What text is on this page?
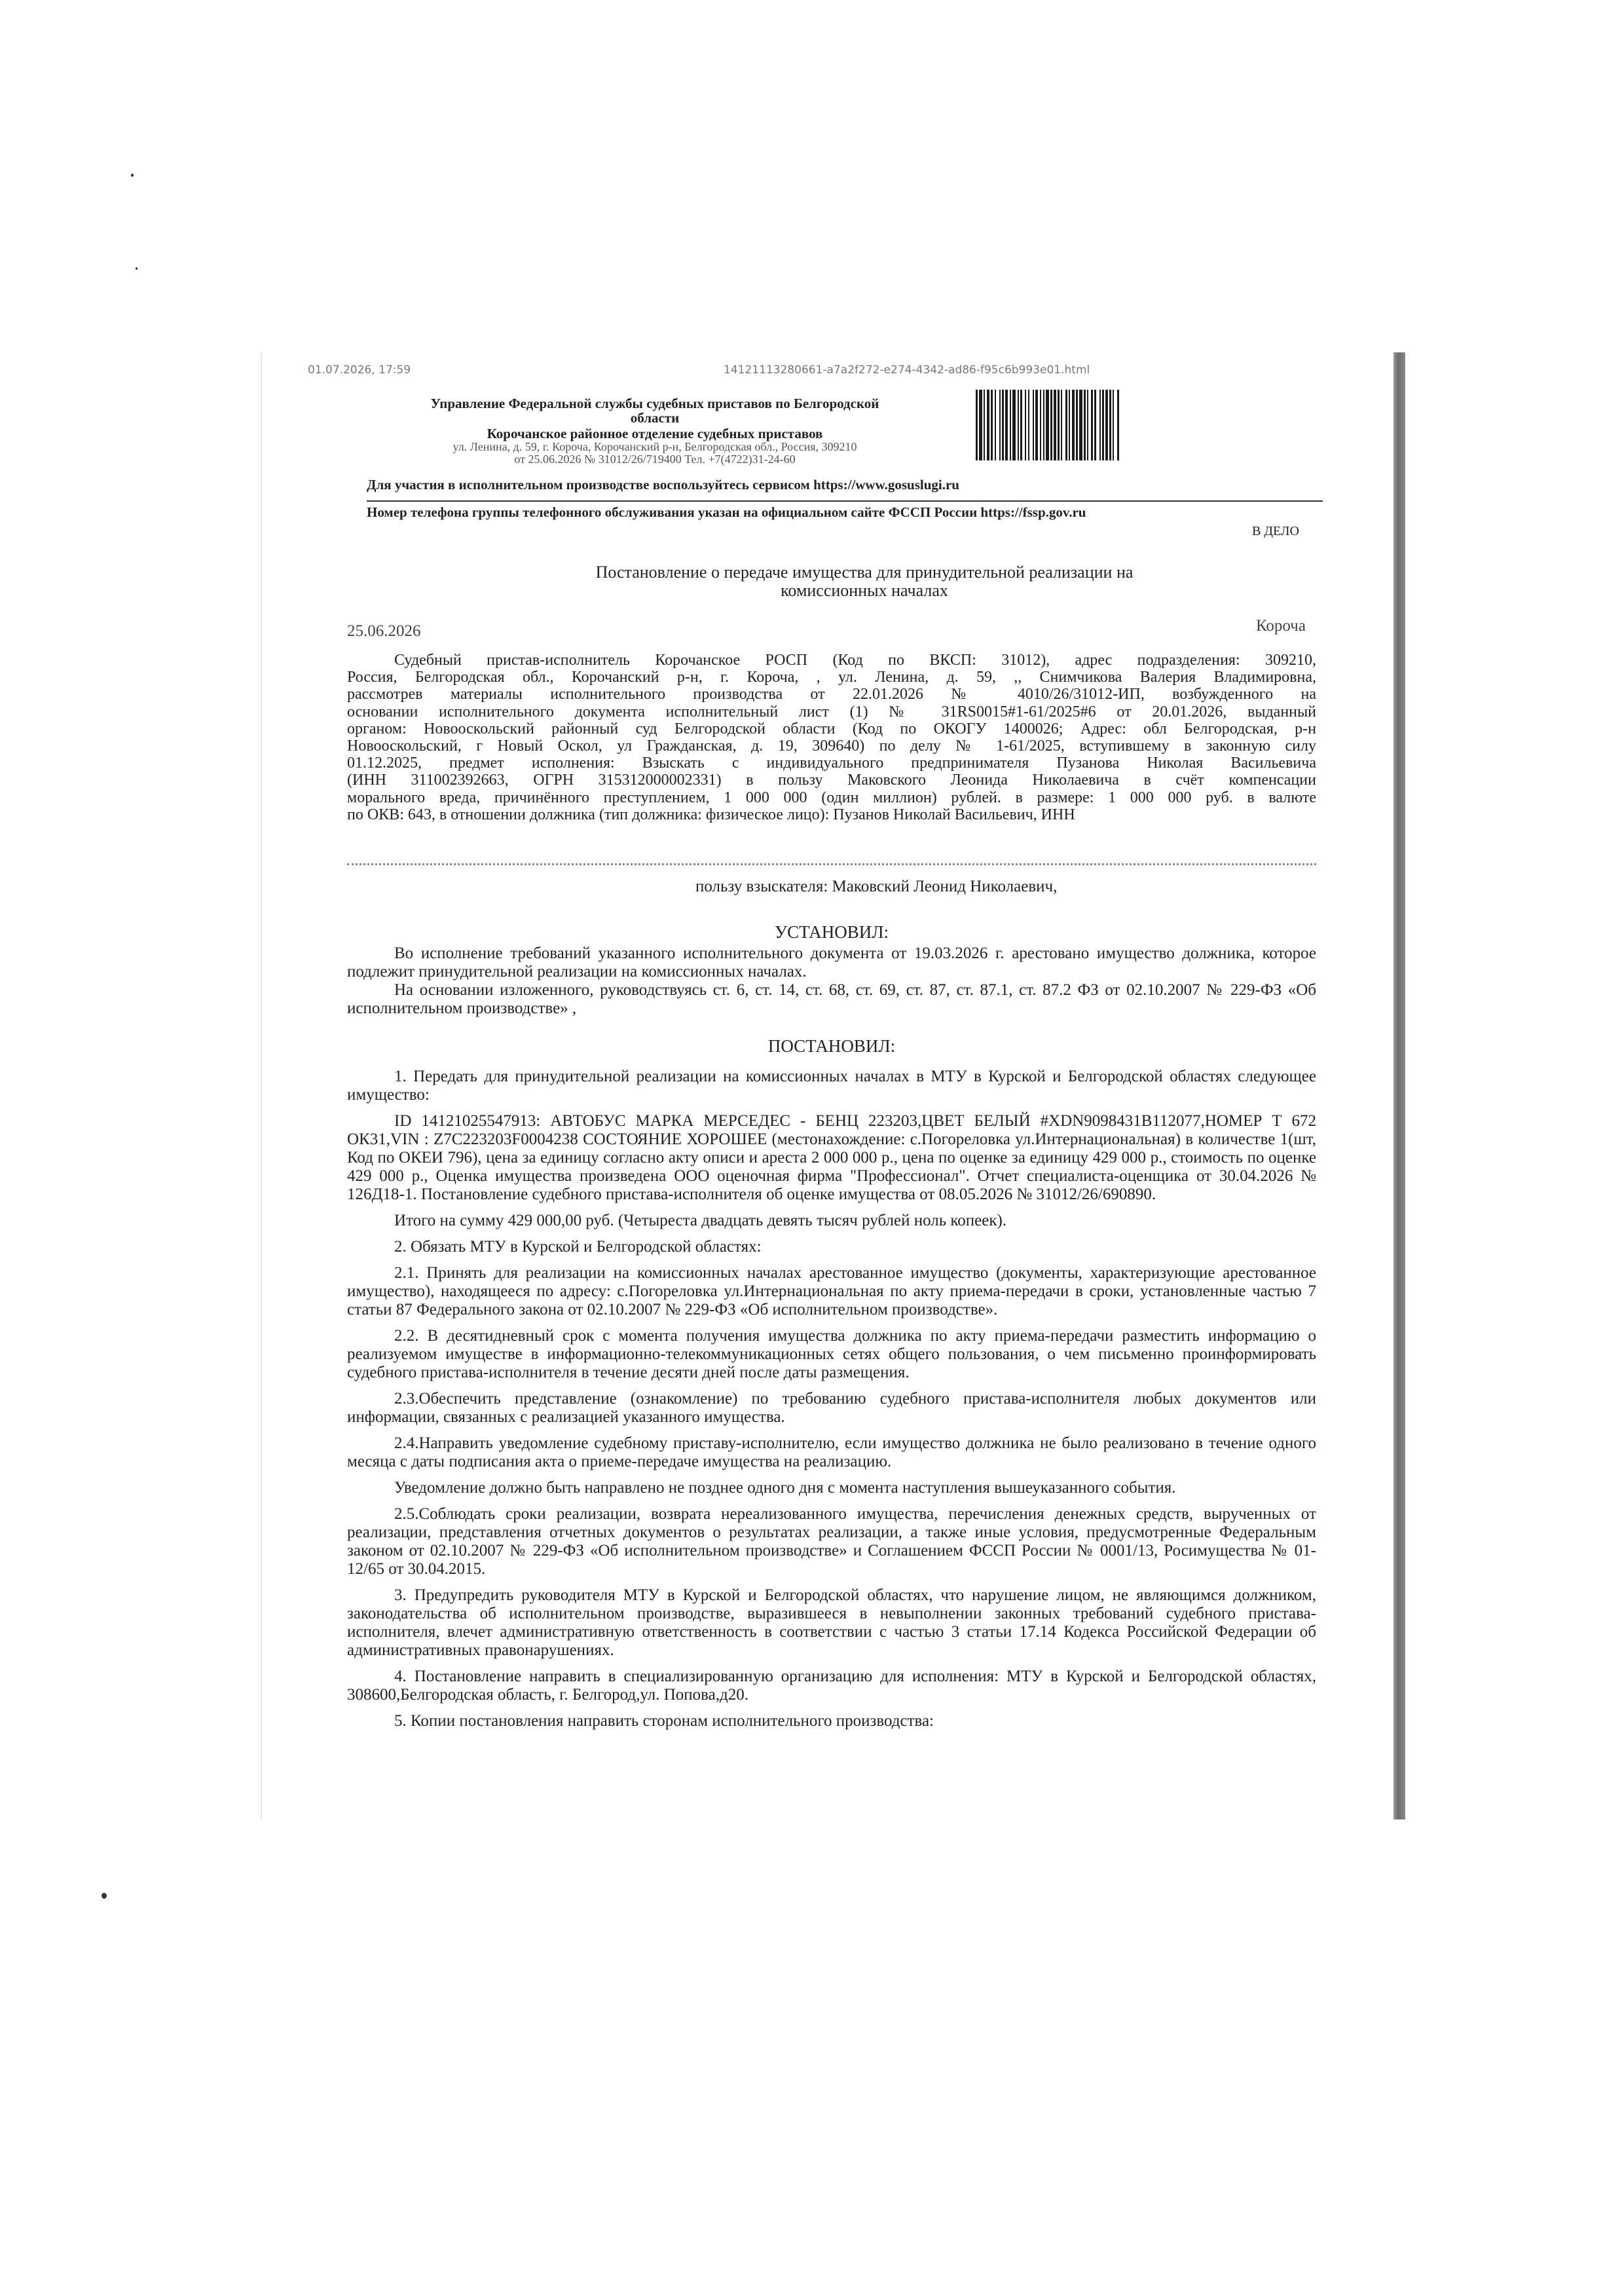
01.07.2026, 17:59	14121113280661-a7a2f272-e274-4342-ad86-f95c6b993e01.html
Управление Федеральной службы судебных приставов по Белгородской
области
Корочанское районное отделение судебных приставов
ул. Ленина, д. 59, г. Короча, Корочанский р-н, Белгородская обл., Россия, 309210
от 25.06.2026 № 31012/26/719400 Тел. +7(4722)31-24-60
Для участия в исполнительном производстве воспользуйтесь сервисом https://www.gosuslugi.ru
Номер телефона группы телефонного обслуживания указан на официальном сайте ФССП России https://fssp.gov.ru
В ДЕЛО
Постановление о передаче имущества для принудительной реализации на
комиссионных началах
25.06.2026	Короча
Судебный пристав-исполнитель Корочанское РОСП (Код по ВКСП: 31012), адрес подразделения: 309210,
Россия, Белгородская обл., Корочанский р-н, г. Короча, , ул. Ленина, д. 59, ,, Снимчикова Валерия Владимировна,
рассмотрев материалы исполнительного производства от 22.01.2026 № 4010/26/31012-ИП, возбужденного на
основании исполнительного документа исполнительный лист (1) № 31RS0015#1-61/2025#6 от 20.01.2026, выданный
органом: Новооскольский районный суд Белгородской области (Код по ОКОГУ 1400026; Адрес: обл Белгородская, р-н
Новооскольский, г Новый Оскол, ул Гражданская, д. 19, 309640) по делу № 1-61/2025, вступившему в законную силу
01.12.2025, предмет исполнения: Взыскать с индивидуального предпринимателя Пузанова Николая Васильевича
(ИНН 311002392663, ОГРН 315312000002331) в пользу Маковского Леонида Николаевича в счёт компенсации
морального вреда, причинённого преступлением, 1 000 000 (один миллион) рублей. в размере: 1 000 000 руб. в валюте
по ОКВ: 643, в отношении должника (тип должника: физическое лицо): Пузанов Николай Васильевич, ИНН
пользу взыскателя: Маковский Леонид Николаевич,
УСТАНОВИЛ:

Во исполнение требований указанного исполнительного документа от 19.03.2026 г. арестовано имущество должника, которое подлежит принудительной реализации на комиссионных началах.

На основании изложенного, руководствуясь ст. 6, ст. 14, ст. 68, ст. 69, ст. 87, ст. 87.1, ст. 87.2 ФЗ от 02.10.2007 № 229-ФЗ «Об исполнительном производстве» ,

ПОСТАНОВИЛ:

1. Передать для принудительной реализации на комиссионных началах в МТУ в Курской и Белгородской областях следующее имущество:

ID 14121025547913: АВТОБУС МАРКА МЕРСЕДЕС - БЕНЦ 223203,ЦВЕТ БЕЛЫЙ #XDN9098431B112077,НОМЕР Т 672 ОК31,VIN : Z7C223203F0004238 СОСТОЯНИЕ ХОРОШЕЕ (местонахождение: с.Погореловка ул.Интернациональная) в количестве 1(шт, Код по ОКЕИ 796), цена за единицу согласно акту описи и ареста 2 000 000 р., цена по оценке за единицу 429 000 р., стоимость по оценке 429 000 р., Оценка имущества произведена ООО оценочная фирма "Профессионал". Отчет специалиста-оценщика от 30.04.2026 № 126Д18-1. Постановление судебного пристава-исполнителя об оценке имущества от 08.05.2026 № 31012/26/690890.

Итого на сумму 429 000,00 руб. (Четыреста двадцать девять тысяч рублей ноль копеек).

2. Обязать МТУ в Курской и Белгородской областях:

2.1. Принять для реализации на комиссионных началах арестованное имущество (документы, характеризующие арестованное имущество), находящееся по адресу: с.Погореловка ул.Интернациональная по акту приема-передачи в сроки, установленные частью 7 статьи 87 Федерального закона от 02.10.2007 № 229-ФЗ «Об исполнительном производстве».

2.2. В десятидневный срок с момента получения имущества должника по акту приема-передачи разместить информацию о реализуемом имуществе в информационно-телекоммуникационных сетях общего пользования, о чем письменно проинформировать судебного пристава-исполнителя в течение десяти дней после даты размещения.

2.3.Обеспечить представление (ознакомление) по требованию судебного пристава-исполнителя любых документов или информации, связанных с реализацией указанного имущества.

2.4.Направить уведомление судебному приставу-исполнителю, если имущество должника не было реализовано в течение одного месяца с даты подписания акта о приеме-передаче имущества на реализацию.

Уведомление должно быть направлено не позднее одного дня с момента наступления вышеуказанного события.

2.5.Соблюдать сроки реализации, возврата нереализованного имущества, перечисления денежных средств, вырученных от реализации, представления отчетных документов о результатах реализации, а также иные условия, предусмотренные Федеральным законом от 02.10.2007 № 229-ФЗ «Об исполнительном производстве» и Соглашением ФССП России № 0001/13, Росимущества № 01-12/65 от 30.04.2015.

3. Предупредить руководителя МТУ в Курской и Белгородской областях, что нарушение лицом, не являющимся должником, законодательства об исполнительном производстве, выразившееся в невыполнении законных требований судебного пристава-исполнителя, влечет административную ответственность в соответствии с частью 3 статьи 17.14 Кодекса Российской Федерации об административных правонарушениях.

4. Постановление направить в специализированную организацию для исполнения: МТУ в Курской и Белгородской областях, 308600,Белгородская область, г. Белгород,ул. Попова,д20.

5. Копии постановления направить сторонам исполнительного производства:
